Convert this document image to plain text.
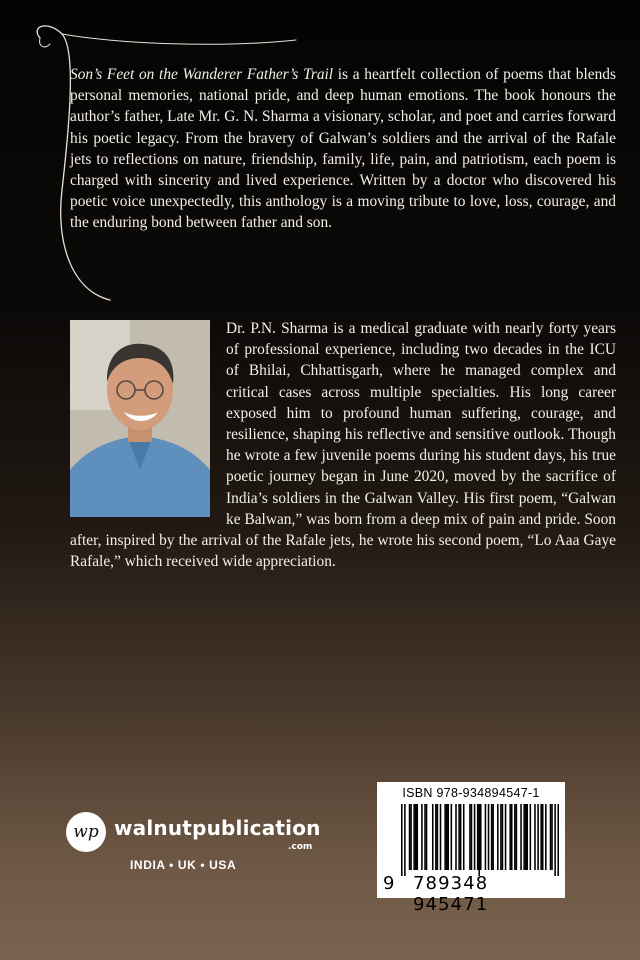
Son’s Feet on the Wanderer Father’s Trail is a heartfelt collection of poems that blends personal memories, national pride, and deep human emotions. The book honours the author’s father, Late Mr. G. N. Sharma a visionary, scholar, and poet and carries forward his poetic legacy. From the bravery of Galwan’s soldiers and the arrival of the Rafale jets to reflections on nature, friendship, family, life, pain, and patriotism, each poem is charged with sincerity and lived experience. Written by a doctor who discovered his poetic voice unexpectedly, this anthology is a moving tribute to love, loss, courage, and the enduring bond between father and son.

Dr. P.N. Sharma is a medical graduate with nearly forty years of professional experience, including two decades in the ICU of Bhilai, Chhattisgarh, where he managed complex and critical cases across multiple specialties. His long career exposed him to profound human suffering, courage, and resilience, shaping his reflective and sensitive outlook. Though he wrote a few juvenile poems during his student days, his true poetic journey began in June 2020, moved by the sacrifice of India’s soldiers in the Galwan Valley. His first poem, “Galwan ke Balwan,” was born from a deep mix of pain and pride. Soon after, inspired by the arrival of the Rafale jets, he wrote his second poem, “Lo Aaa Gaye Rafale,” which received wide appreciation.

wp walnutpublication
.com
INDIA • UK • USA
ISBN 978-934894547-1
9 789348 945471
